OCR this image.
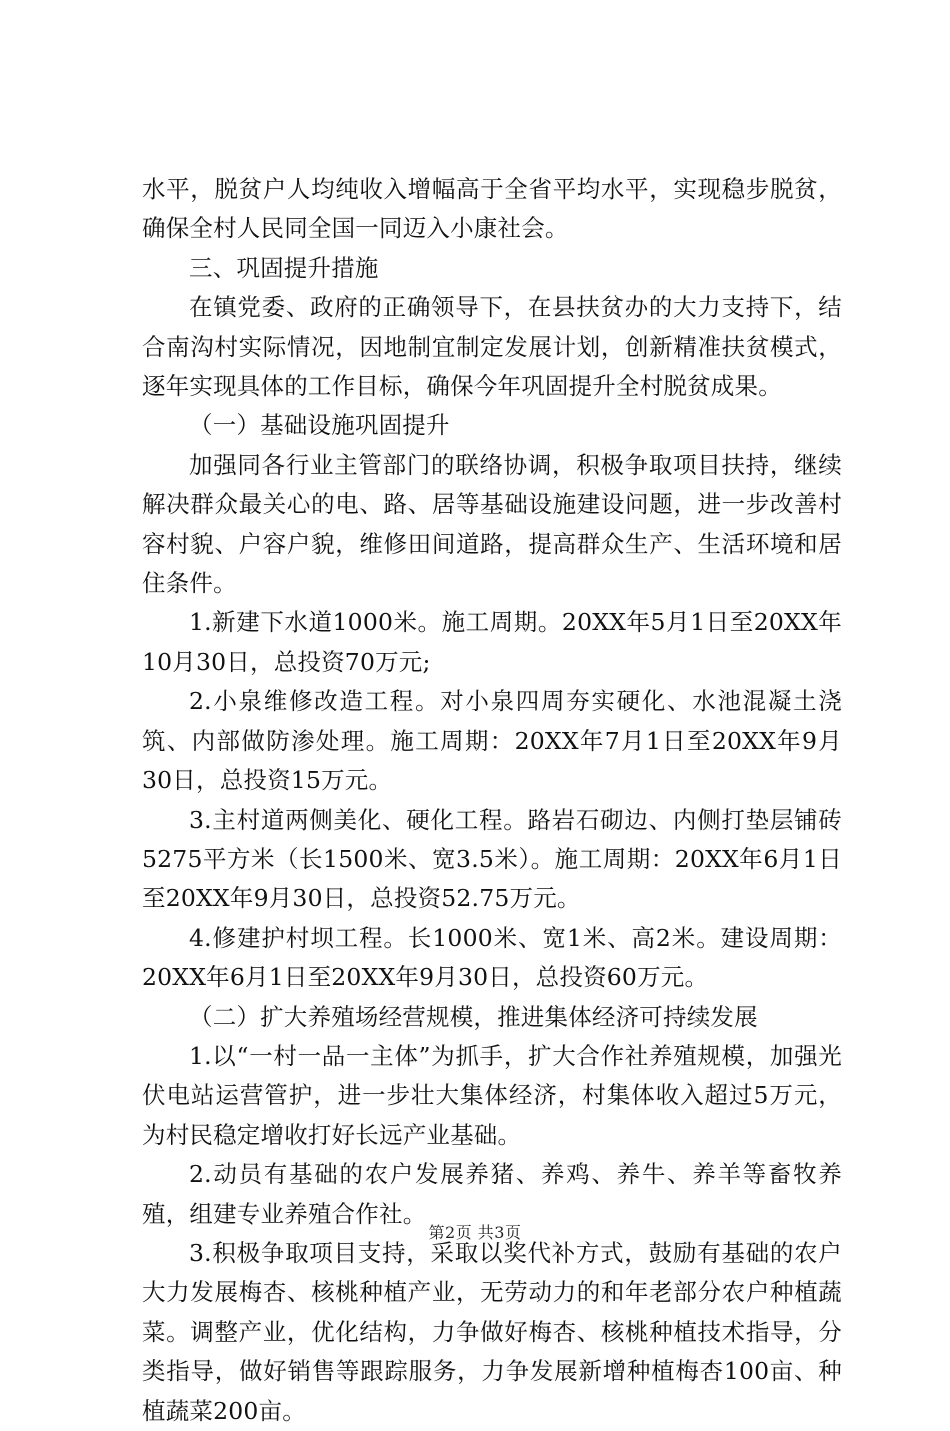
水平，脱贫户人均纯收入增幅高于全省平均水平，实现稳步脱贫，确保全村人民同全国一同迈入小康社会。

三、巩固提升措施

在镇党委、政府的正确领导下，在县扶贫办的大力支持下，结合南沟村实际情况，因地制宜制定发展计划，创新精准扶贫模式，逐年实现具体的工作目标，确保今年巩固提升全村脱贫成果。

（一）基础设施巩固提升

加强同各行业主管部门的联络协调，积极争取项目扶持，继续解决群众最关心的电、路、居等基础设施建设问题，进一步改善村容村貌、户容户貌，维修田间道路，提高群众生产、生活环境和居住条件。

1.新建下水道1000米。施工周期。20XX年5月1日至20XX年10月30日，总投资70万元;

2.小泉维修改造工程。对小泉四周夯实硬化、水池混凝土浇筑、内部做防渗处理。施工周期：20XX年7月1日至20XX年9月30日，总投资15万元。

3.主村道两侧美化、硬化工程。路岩石砌边、内侧打垫层铺砖5275平方米（长1500米、宽3.5米）。施工周期：20XX年6月1日至20XX年9月30日，总投资52.75万元。

4.修建护村坝工程。长1000米、宽1米、高2米。建设周期：20XX年6月1日至20XX年9月30日，总投资60万元。

（二）扩大养殖场经营规模，推进集体经济可持续发展

1.以“一村一品一主体”为抓手，扩大合作社养殖规模，加强光伏电站运营管护，进一步壮大集体经济，村集体收入超过5万元，为村民稳定增收打好长远产业基础。

2.动员有基础的农户发展养猪、养鸡、养牛、养羊等畜牧养殖，组建专业养殖合作社。

3.积极争取项目支持，采取以奖代补方式，鼓励有基础的农户大力发展梅杏、核桃种植产业，无劳动力的和年老部分农户种植蔬菜。调整产业，优化结构，力争做好梅杏、核桃种植技术指导，分类指导，做好销售等跟踪服务，力争发展新增种植梅杏100亩、种植蔬菜200亩。

第2页 共3页
